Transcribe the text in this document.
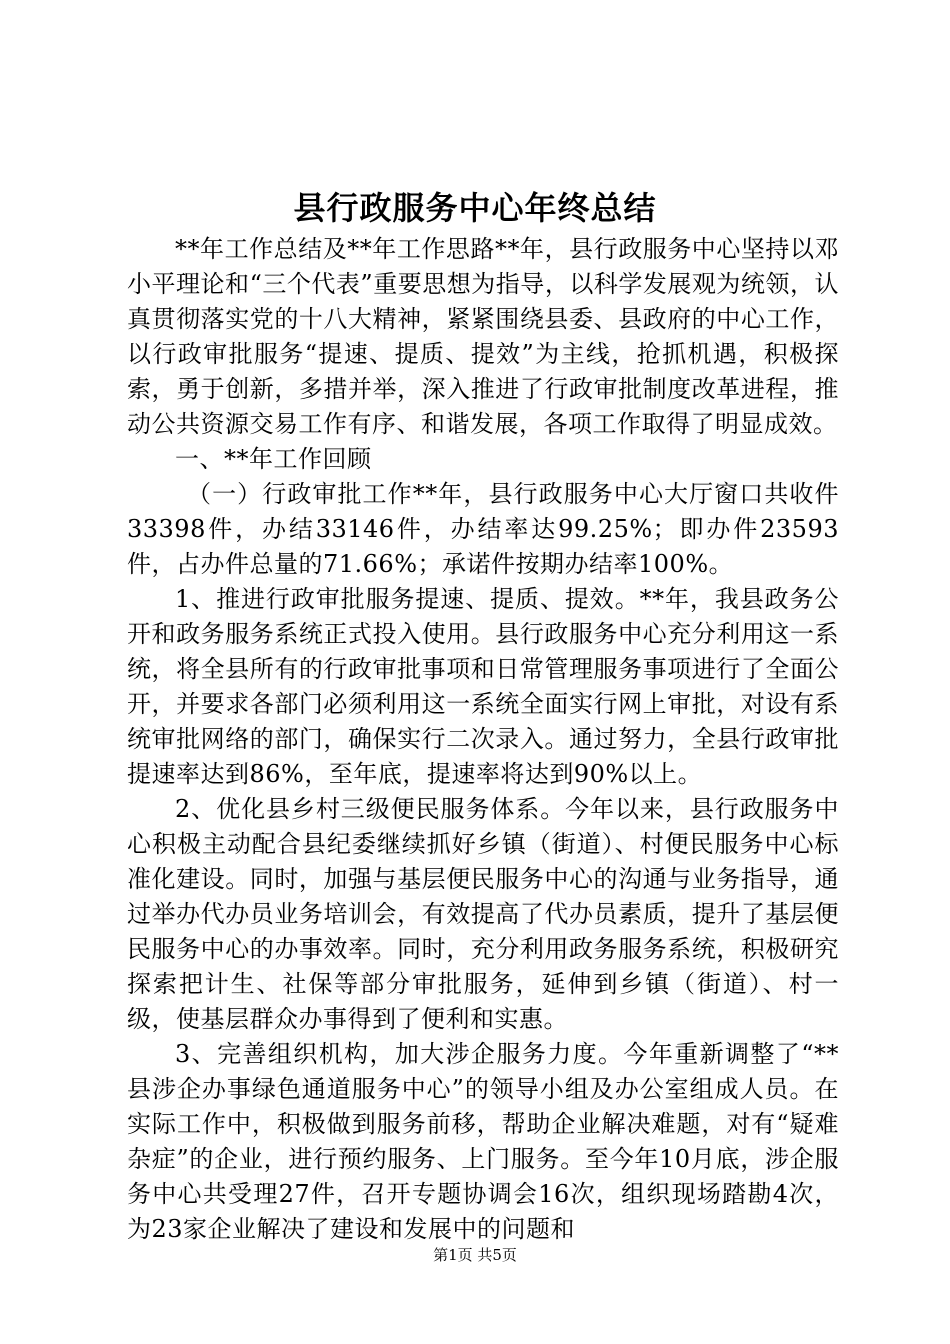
县行政服务中心年终总结

**年工作总结及**年工作思路**年，县行政服务中心坚持以邓小平理论和“三个代表”重要思想为指导，以科学发展观为统领，认真贯彻落实党的十八大精神，紧紧围绕县委、县政府的中心工作，以行政审批服务“提速、提质、提效”为主线，抢抓机遇，积极探索，勇于创新，多措并举，深入推进了行政审批制度改革进程，推动公共资源交易工作有序、和谐发展，各项工作取得了明显成效。

一、**年工作回顾

（一）行政审批工作**年，县行政服务中心大厅窗口共收件33398件，办结33146件，办结率达99.25%；即办件23593件，占办件总量的71.66%；承诺件按期办结率100%。

1、推进行政审批服务提速、提质、提效。**年，我县政务公开和政务服务系统正式投入使用。县行政服务中心充分利用这一系统，将全县所有的行政审批事项和日常管理服务事项进行了全面公开，并要求各部门必须利用这一系统全面实行网上审批，对设有系统审批网络的部门，确保实行二次录入。通过努力，全县行政审批提速率达到86%，至年底，提速率将达到90%以上。

2、优化县乡村三级便民服务体系。今年以来，县行政服务中心积极主动配合县纪委继续抓好乡镇（街道）、村便民服务中心标准化建设。同时，加强与基层便民服务中心的沟通与业务指导，通过举办代办员业务培训会，有效提高了代办员素质，提升了基层便民服务中心的办事效率。同时，充分利用政务服务系统，积极研究探索把计生、社保等部分审批服务，延伸到乡镇（街道）、村一级，使基层群众办事得到了便利和实惠。

3、完善组织机构，加大涉企服务力度。今年重新调整了“**县涉企办事绿色通道服务中心”的领导小组及办公室组成人员。在实际工作中，积极做到服务前移，帮助企业解决难题，对有“疑难杂症”的企业，进行预约服务、上门服务。至今年10月底，涉企服务中心共受理27件，召开专题协调会16次，组织现场踏勘4次，为23家企业解决了建设和发展中的问题和

第1页 共5页
